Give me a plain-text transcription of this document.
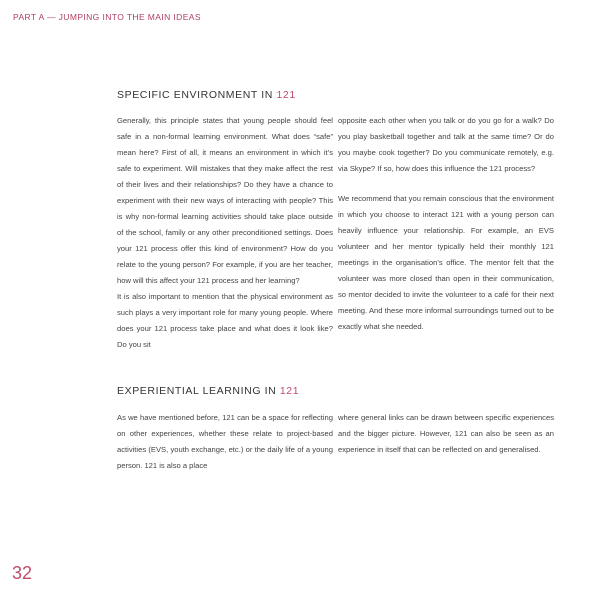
PART A — JUMPING INTO THE MAIN IDEAS
SPECIFIC ENVIRONMENT IN 121

Generally, this principle states that young people should feel safe in a non-formal learning environment. What does “safe” mean here? First of all, it means an environment in which it’s safe to experiment. Will mistakes that they make affect the rest of their lives and their relationships? Do they have a chance to experiment with their new ways of interacting with people? This is why non-formal learning activities should take place outside of the school, family or any other preconditioned settings. Does your 121 process offer this kind of environment? How do you relate to the young person? For example, if you are her teacher, how will this affect your 121 process and her learning?

It is also important to mention that the physical environment as such plays a very important role for many young people. Where does your 121 process take place and what does it look like? Do you sit

opposite each other when you talk or do you go for a walk? Do you play basketball together and talk at the same time? Or do you maybe cook together? Do you communicate remotely, e.g. via Skype? If so, how does this influence the 121 process?

We recommend that you remain conscious that the environment in which you choose to interact 121 with a young person can heavily influence your relationship. For example, an EVS volunteer and her mentor typically held their monthly 121 meetings in the organisation’s office. The mentor felt that the volunteer was more closed than open in their communication, so mentor decided to invite the volunteer to a café for their next meeting. And these more informal surroundings turned out to be exactly what she needed.

EXPERIENTIAL LEARNING IN 121

As we have mentioned before, 121 can be a space for reflecting on other experiences, whether these relate to project-based activities (EVS, youth exchange, etc.) or the daily life of a young person. 121 is also a place

where general links can be drawn between specific experiences and the bigger picture. However, 121 can also be seen as an experience in itself that can be reflected on and generalised.

32
